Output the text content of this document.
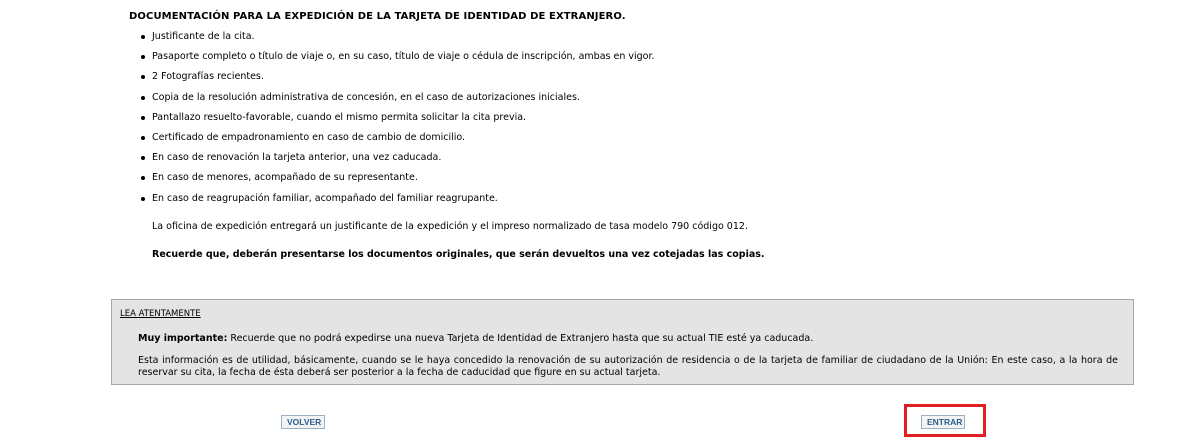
DOCUMENTACIÓN PARA LA EXPEDICIÓN DE LA TARJETA DE IDENTIDAD DE EXTRANJERO.
Justificante de la cita.
Pasaporte completo o título de viaje o, en su caso, título de viaje o cédula de inscripción, ambas en vigor.
2 Fotografías recientes.
Copia de la resolución administrativa de concesión, en el caso de autorizaciones iniciales.
Pantallazo resuelto-favorable, cuando el mismo permita solicitar la cita previa.
Certificado de empadronamiento en caso de cambio de domicilio.
En caso de renovación la tarjeta anterior, una vez caducada.
En caso de menores, acompañado de su representante.
En caso de reagrupación familiar, acompañado del familiar reagrupante.
La oficina de expedición entregará un justificante de la expedición y el impreso normalizado de tasa modelo 790 código 012.
Recuerde que, deberán presentarse los documentos originales, que serán devueltos una vez cotejadas las copias.
LEA ATENTAMENTE
Muy importante: Recuerde que no podrá expedirse una nueva Tarjeta de Identidad de Extranjero hasta que su actual TIE esté ya caducada.
Esta información es de utilidad, básicamente, cuando se le haya concedido la renovación de su autorización de residencia o de la tarjeta de familiar de ciudadano de la Unión: En este caso, a la hora de reservar su cita, la fecha de ésta deberá ser posterior a la fecha de caducidad que figure en su actual tarjeta.
VOLVER	ENTRAR
